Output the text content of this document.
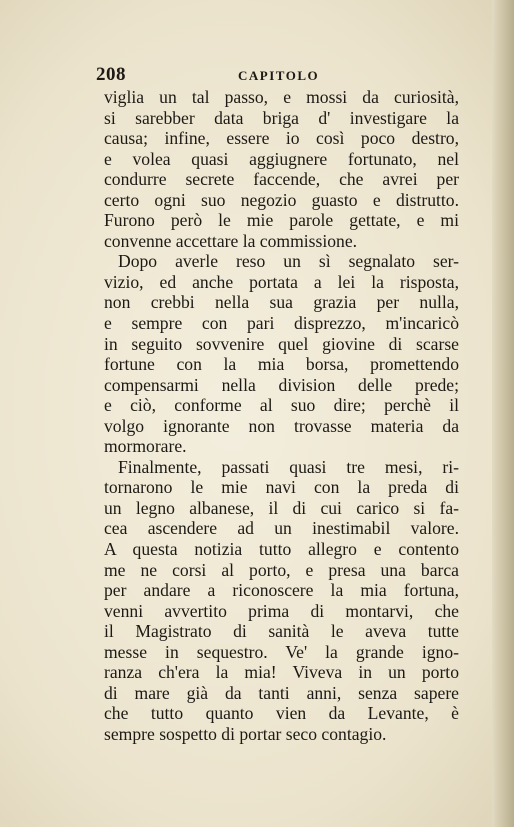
208	CAPITOLO
viglia un tal passo, e mossi da curiosità,
si sarebber data briga d' investigare la
causa; infine, essere io così poco destro,
e volea quasi aggiugnere fortunato, nel
condurre secrete faccende, che avrei per
certo ogni suo negozio guasto e distrutto.
Furono però le mie parole gettate, e mi
convenne accettare la commissione.
Dopo averle reso un sì segnalato ser-
vizio, ed anche portata a lei la risposta,
non crebbi nella sua grazia per nulla,
e sempre con pari disprezzo, m'incaricò
in seguito sovvenire quel giovine di scarse
fortune con la mia borsa, promettendo
compensarmi nella division delle prede;
e ciò, conforme al suo dire; perchè il
volgo ignorante non trovasse materia da
mormorare.
Finalmente, passati quasi tre mesi, ri-
tornarono le mie navi con la preda di
un legno albanese, il di cui carico si fa-
cea ascendere ad un inestimabil valore.
A questa notizia tutto allegro e contento
me ne corsi al porto, e presa una barca
per andare a riconoscere la mia fortuna,
venni avvertito prima di montarvi, che
il Magistrato di sanità le aveva tutte
messe in sequestro. Ve' la grande igno-
ranza ch'era la mia! Viveva in un porto
di mare già da tanti anni, senza sapere
che tutto quanto vien da Levante, è
sempre sospetto di portar seco contagio.
